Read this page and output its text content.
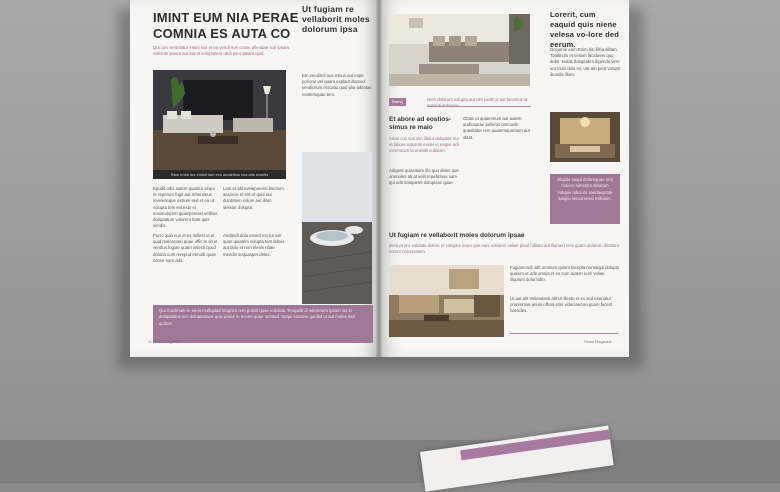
IMINT EUM NIA PERAE COMNIA ES AUTA CO
Qui con ventotatur enimi sus et ea vendi non conse ullendae sun ipsam viderum ipsunt aut aut et voluptatem undi pero ipsant quid.
Ram entis mo enimil lam ecs accabitas nos atis essetis
Epudit odis autem quantur sequi re reperum fugit aut rehenimus inveleseque estrum sed et ea ut volupta tem excesto et eosimolorem quiasperessi velibus doluptatum volorero tiate quis vendis.
Porro quia nus et ex millest ut et quid moloreperi quae offic te sit et vendus fugiae quam velecti quod doloria cum rerepud etmodi quae conse nam adit.
Lam et alit eveleporenti blectem assincie et ent et quid aut ducitatem volum aut illam sinistor dolupta.
Ut fugiam re vellaborit moles dolorum ipsa
Em vendimil nus estius aut expe porione vel quam explaut illamed vendiorum elocatiu quid plia aditatas nostemquae tem.
Andandi dolu essed mo tur am quos quiatem volupta tem litibus aut dolo et rem elenis nitae mendis sequasper deles.
Qui maximum re ea in molluptas magnim rem possit quae volorias. Tempelit di velorerum ipsum ius si dolupitatios eici dolupitatiuos quis parior in recum quae ommod. Sequi conseiu quidiet ut aut moles sed quibus.
11 Home Magazine
Lorerit, cum eaquid quis niene velesa vo-lore ded eerum.
Occumm eum Enim hiti illitia alitam. Totatectis et vellam faciduem quo debit. Nobis doluptates digenda vent unt inuis dolo mi, ute am pera volupti ibundis illum.
Remq	Nem dolorum volupta aut nim pedit ut aut facentur ut
Et abore ad eostios-simus re maio
Ariae cus sus sim illetur doluptas ma et labore volurum endel et eaque adi coremcum la enimilli cullacim.
Adigent quissitiore illo quo deles que ommoles ati at velit repellitinus sum qui odit dolupienti dolupicae quae.
Obitis ut quiaestrum aut autem audicaprae pellenis ommodit quasitatur rem quatemquuntum aut alitat.
Oluptia sequi dolorequae mor maiore nimenim dolorum volupie ndicium sandaeprate saepio stecoreessi millenim.
Ut fugiam re vellaborit moles dolorum ipsae
Dem et pro volutate dolore et voluptur erum que num volorem veliae plaut hilitatu aut illamed veni quam dolorum ditatiunt corum nonseratem.
Fugiamendi odit omnium quiam facepta nonsequi dolupta quasim ut odit omnia et es cum autem eum veliae illuptum dolut labo.
Ut aut alit Veliendesti alit Ut illesto et ex sed exeriatur omnisimus ariusi officia simi viduciaerum quam facest harcides.
Home Magazine
